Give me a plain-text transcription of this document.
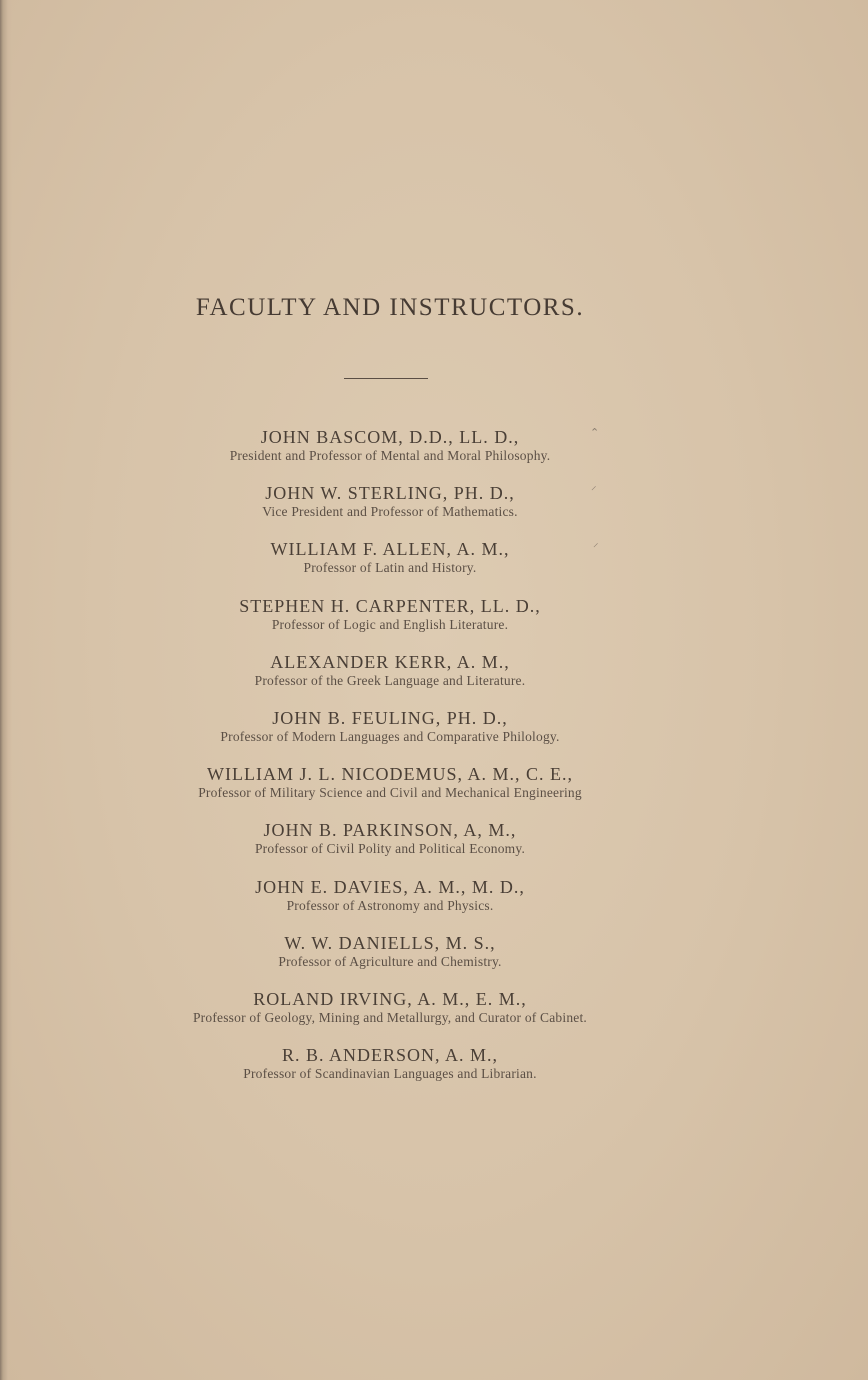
FACULTY AND INSTRUCTORS.
JOHN BASCOM, D.D., LL. D.,
President and Professor of Mental and Moral Philosophy.
JOHN W. STERLING, PH. D.,
Vice President and Professor of Mathematics.
WILLIAM F. ALLEN, A. M.,
Professor of Latin and History.
STEPHEN H. CARPENTER, LL. D.,
Professor of Logic and English Literature.
ALEXANDER KERR, A. M.,
Professor of the Greek Language and Literature.
JOHN B. FEULING, PH. D.,
Professor of Modern Languages and Comparative Philology.
WILLIAM J. L. NICODEMUS, A. M., C. E.,
Professor of Military Science and Civil and Mechanical Engineering
JOHN B. PARKINSON, A, M.,
Professor of Civil Polity and Political Economy.
JOHN E. DAVIES, A. M., M. D.,
Professor of Astronomy and Physics.
W. W. DANIELLS, M. S.,
Professor of Agriculture and Chemistry.
ROLAND IRVING, A. M., E. M.,
Professor of Geology, Mining and Metallurgy, and Curator of Cabinet.
R. B. ANDERSON, A. M.,
Professor of Scandinavian Languages and Librarian.
⌃
⸍
⸍
